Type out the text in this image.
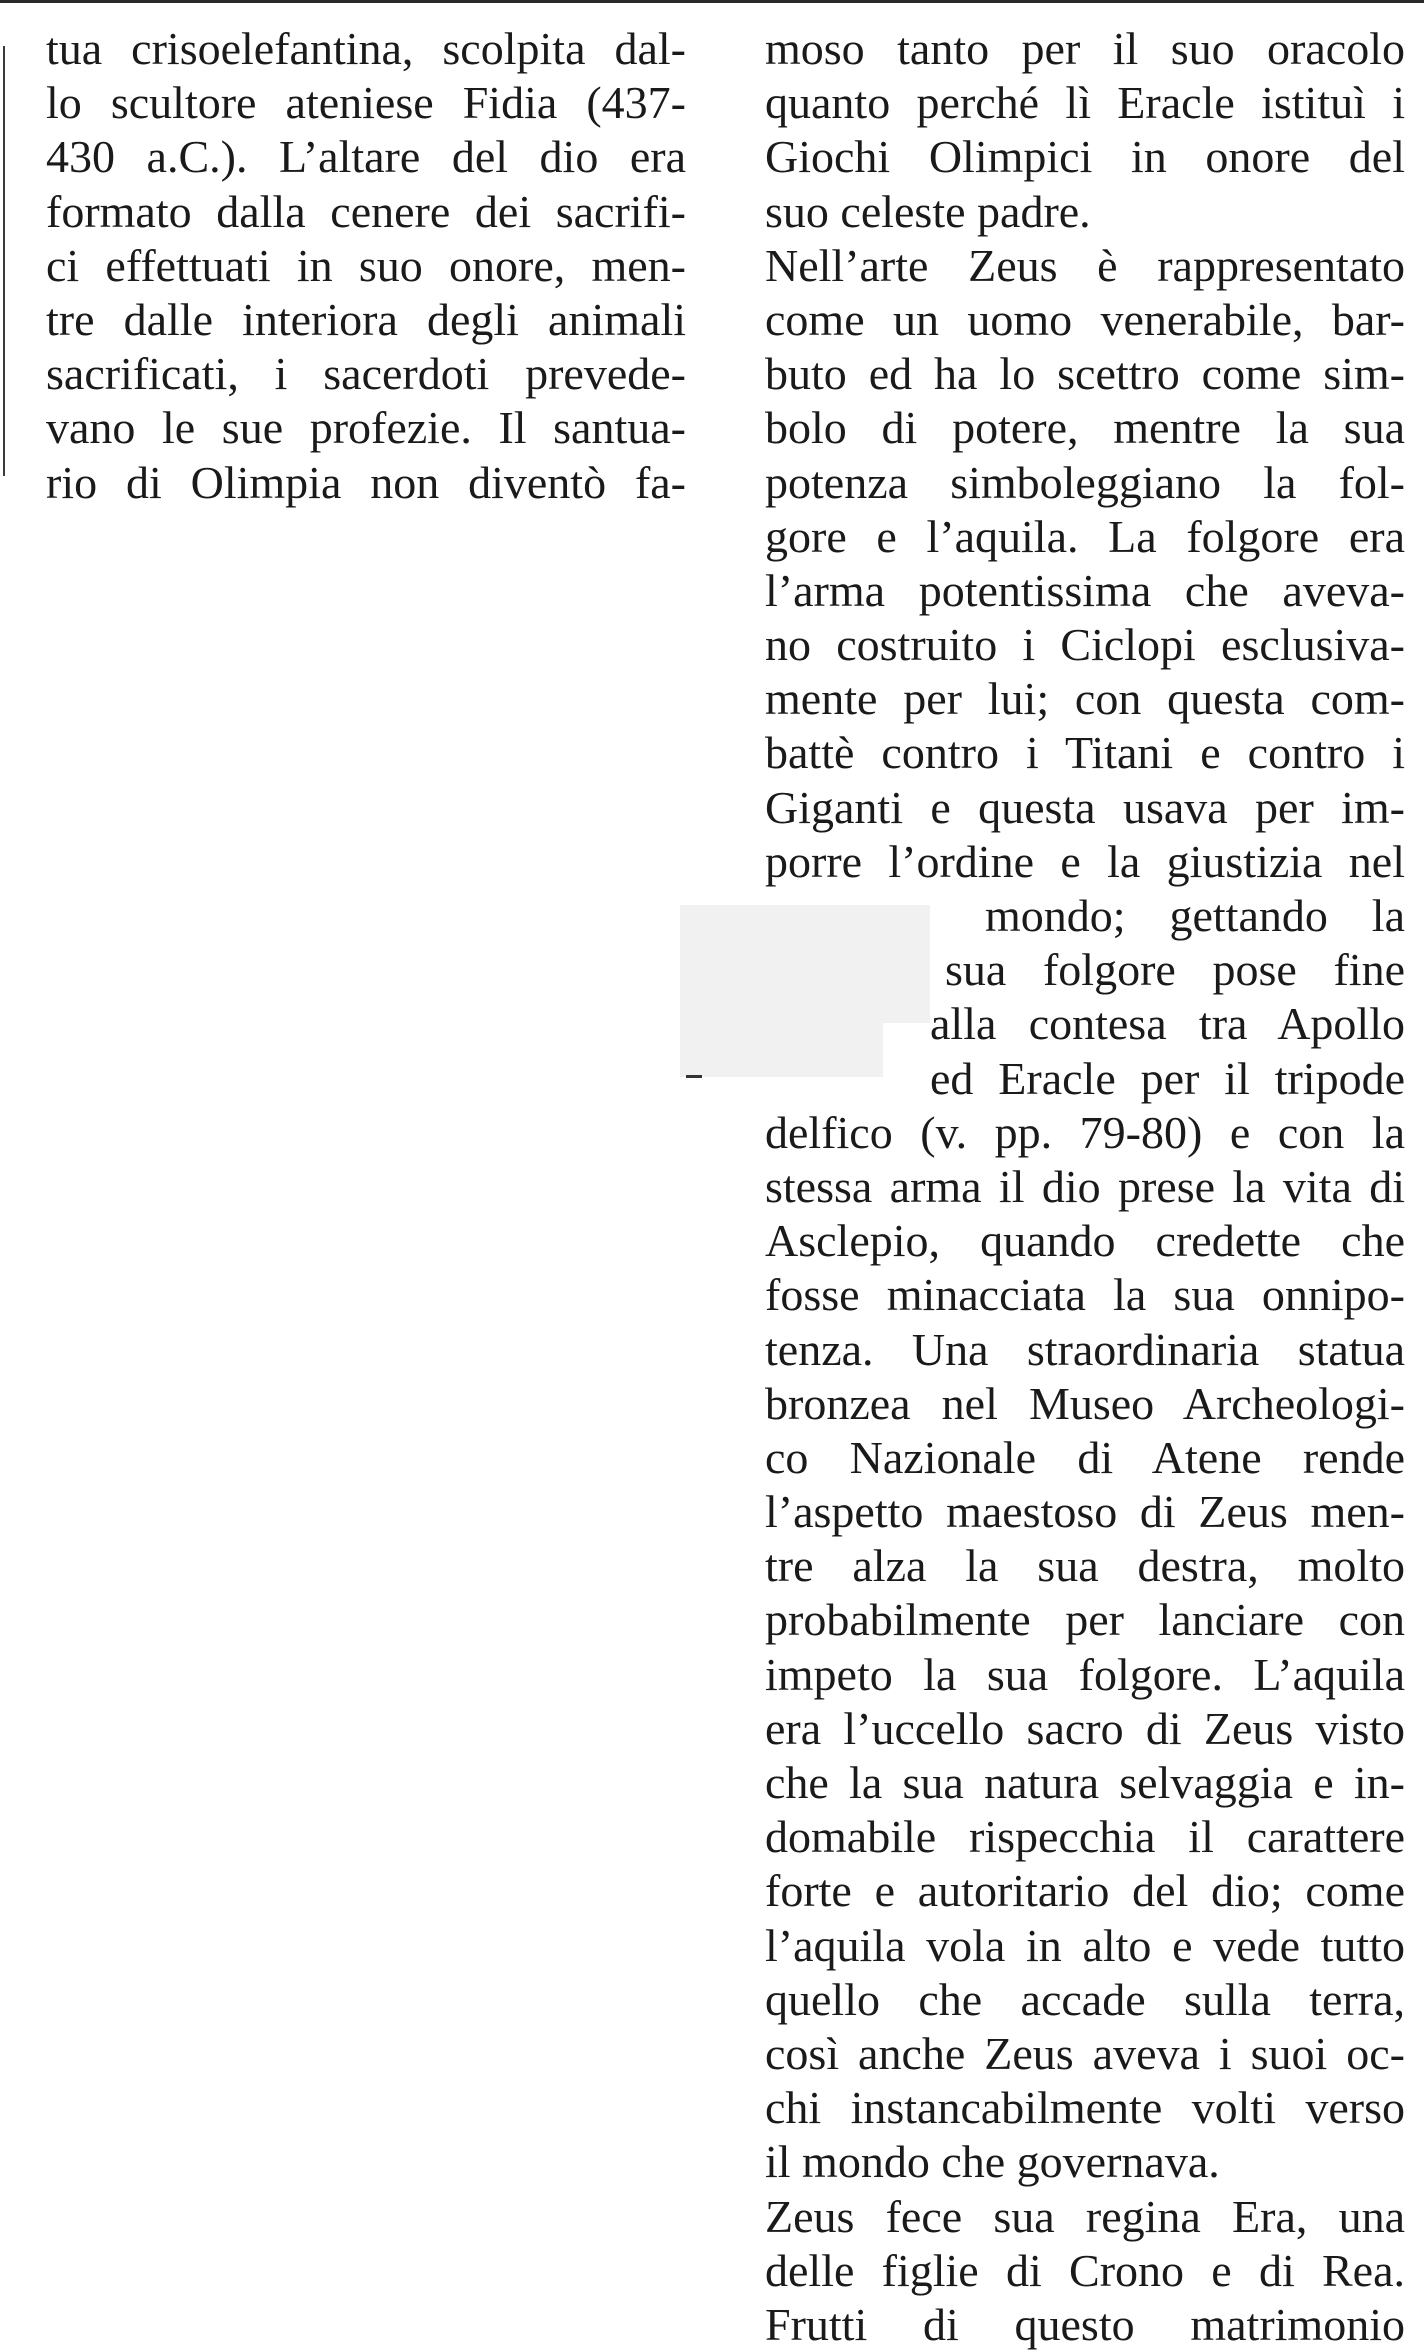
tua crisoelefantina, scolpita dal-
lo scultore ateniese Fidia (437-
430 a.C.). L’altare del dio era
formato dalla cenere dei sacrifi-
ci effettuati in suo onore, men-
tre dalle interiora degli animali
sacrificati, i sacerdoti prevede-
vano le sue profezie. Il santua-
rio di Olimpia non diventò fa-
moso tanto per il suo oracolo
quanto perché lì Eracle istituì i
Giochi Olimpici in onore del
suo celeste padre.
Nell’arte Zeus è rappresentato
come un uomo venerabile, bar-
buto ed ha lo scettro come sim-
bolo di potere, mentre la sua
potenza simboleggiano la fol-
gore e l’aquila. La folgore era
l’arma potentissima che aveva-
no costruito i Ciclopi esclusiva-
mente per lui; con questa com-
battè contro i Titani e contro i
Giganti e questa usava per im-
porre l’ordine e la giustizia nel
mondo; gettando la
sua folgore pose fine
alla contesa tra Apollo
ed Eracle per il tripode
delfico (v. pp. 79-80) e con la
stessa arma il dio prese la vita di
Asclepio, quando credette che
fosse minacciata la sua onnipo-
tenza. Una straordinaria statua
bronzea nel Museo Archeologi-
co Nazionale di Atene rende
l’aspetto maestoso di Zeus men-
tre alza la sua destra, molto
probabilmente per lanciare con
impeto la sua folgore. L’aquila
era l’uccello sacro di Zeus visto
che la sua natura selvaggia e in-
domabile rispecchia il carattere
forte e autoritario del dio; come
l’aquila vola in alto e vede tutto
quello che accade sulla terra,
così anche Zeus aveva i suoi oc-
chi instancabilmente volti verso
il mondo che governava.
Zeus fece sua regina Era, una
delle figlie di Crono e di Rea.
Frutti di questo matrimonio
